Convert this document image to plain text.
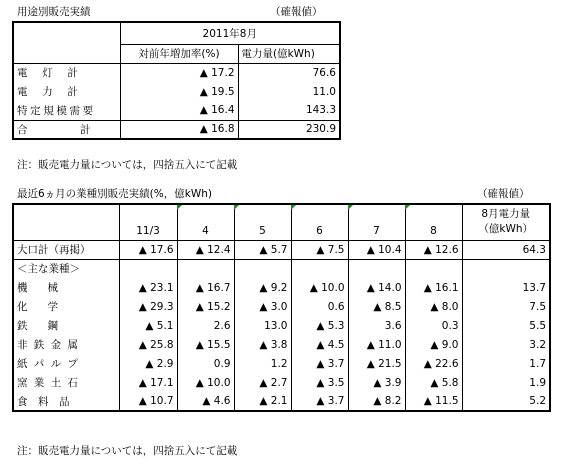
用途別販売実績	（確報値）
	2011年8月	
	対前年増加率(%)	電力量(億kWh)
電灯計	▲ 17.2	76.6
電力計	▲ 19.5	11.0
特定規模需要	▲ 16.4	143.3
合計	▲ 16.8	230.9
注：販売電力量については，四捨五入にて記載
最近6ヵ月の業種別販売実績(%，億kWh)	（確報値）
	11/3	4	5	6	7	8	8月電力量
（億kWh）

大口計（再掲）	▲ 17.6	▲ 12.4	▲ 5.7	▲ 7.5	▲ 10.4	▲ 12.6	64.3
＜主な業種＞							
機械	▲ 23.1	▲ 16.7	▲ 9.2	▲ 10.0	▲ 14.0	▲ 16.1	13.7
化学	▲ 29.3	▲ 15.2	▲ 3.0	0.6	▲ 8.5	▲ 8.0	7.5
鉄鋼	▲ 5.1	2.6	13.0	▲ 5.3	3.6	0.3	5.5
非鉄金属	▲ 25.8	▲ 15.5	▲ 3.8	▲ 4.5	▲ 11.0	▲ 9.0	3.2
紙パルプ	▲ 2.9	0.9	1.2	▲ 3.7	▲ 21.5	▲ 22.6	1.7
窯業土石	▲ 17.1	▲ 10.0	▲ 2.7	▲ 3.5	▲ 3.9	▲ 5.8	1.9
食料品	▲ 10.7	▲ 4.6	▲ 2.1	▲ 3.7	▲ 8.2	▲ 11.5	5.2
注：販売電力量については，四捨五入にて記載
